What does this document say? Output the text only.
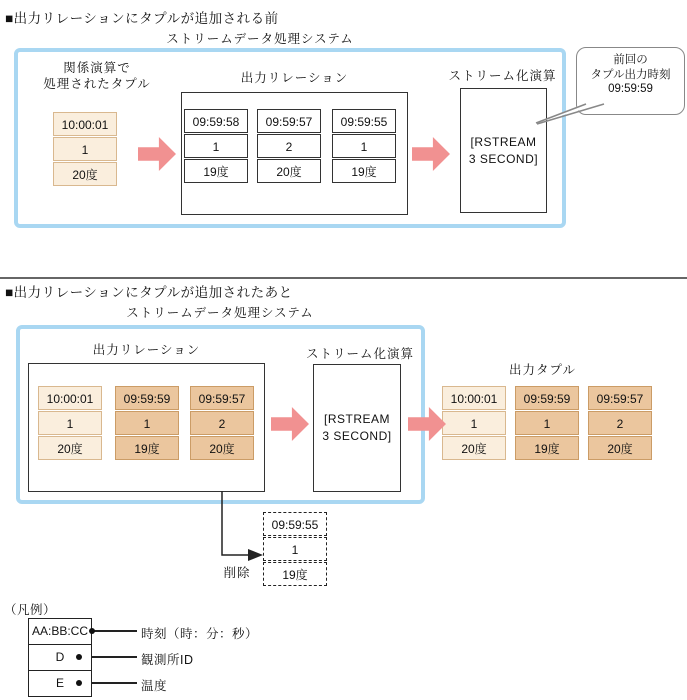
■出力リレーションにタプルが追加される前
ストリームデータ処理システム
関係演算で
処理されたタプル
10:00:01
1
20度
出力リレーション
09:59:58
1
19度
09:59:57
2
20度
09:59:55
1
19度
ストリーム化演算
[RSTREAM
3 SECOND]
前回の
タプル出力時刻
09:59:59
■出力リレーションにタプルが追加されたあと
ストリームデータ処理システム
出力リレーション
10:00:01
1
20度
09:59:59
1
19度
09:59:57
2
20度
ストリーム化演算
[RSTREAM
3 SECOND]
出力タプル
10:00:01
1
20度
09:59:59
1
19度
09:59:57
2
20度
削除
09:59:55
1
19度
（凡例）
AA:BB:CC
D
E
時刻（時：分：秒）
観測所ID
温度
